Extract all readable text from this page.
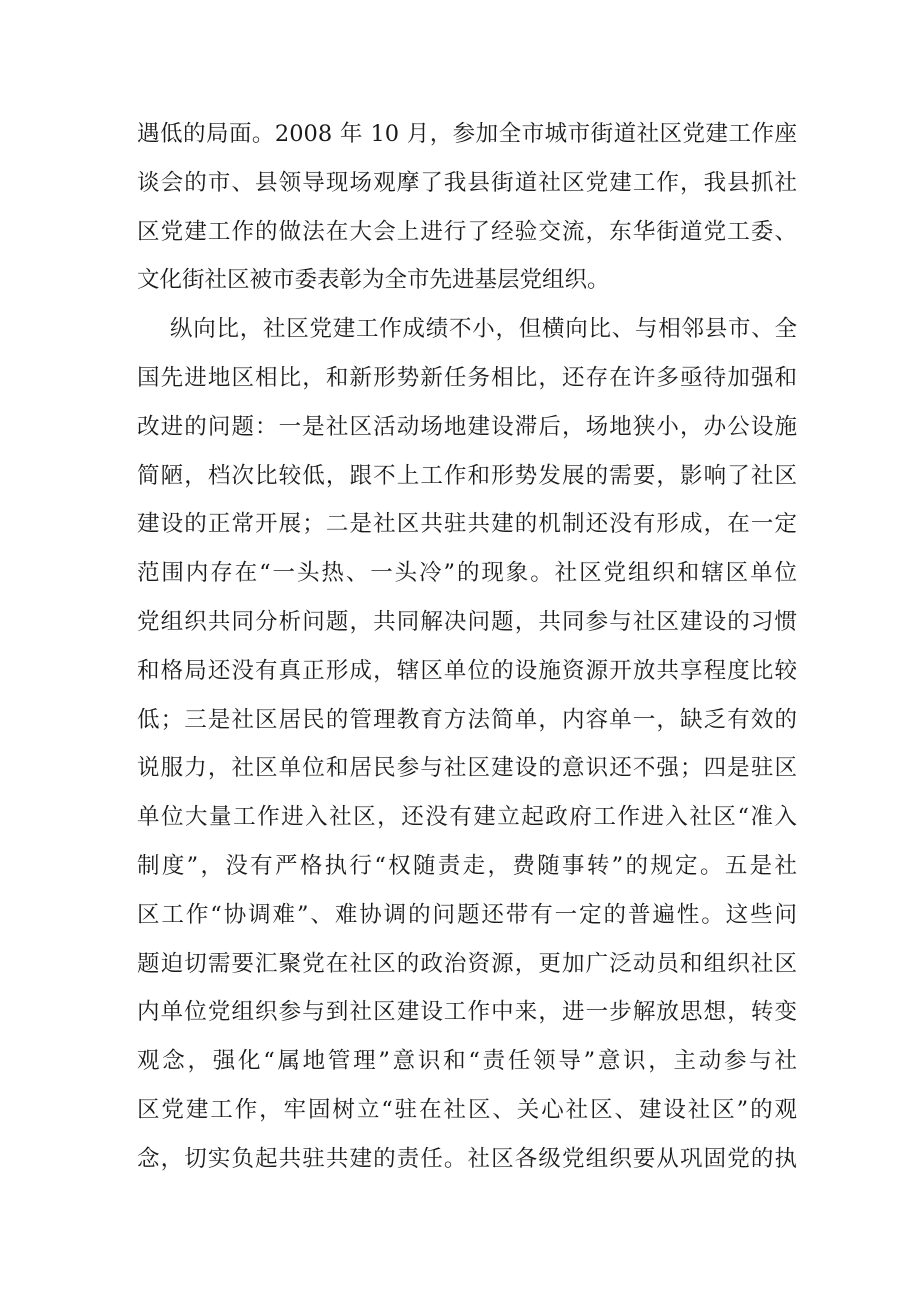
遇低的局面。2008 年 10 月，参加全市城市街道社区党建工作座
谈会的市、县领导现场观摩了我县街道社区党建工作，我县抓社
区党建工作的做法在大会上进行了经验交流，东华街道党工委、
文化街社区被市委表彰为全市先进基层党组织。
纵向比，社区党建工作成绩不小，但横向比、与相邻县市、全
国先进地区相比，和新形势新任务相比，还存在许多亟待加强和
改进的问题：一是社区活动场地建设滞后，场地狭小，办公设施
简陋，档次比较低，跟不上工作和形势发展的需要，影响了社区
建设的正常开展；二是社区共驻共建的机制还没有形成，在一定
范围内存在“一头热、一头冷”的现象。社区党组织和辖区单位
党组织共同分析问题，共同解决问题，共同参与社区建设的习惯
和格局还没有真正形成，辖区单位的设施资源开放共享程度比较
低；三是社区居民的管理教育方法简单，内容单一，缺乏有效的
说服力，社区单位和居民参与社区建设的意识还不强；四是驻区
单位大量工作进入社区，还没有建立起政府工作进入社区“准入
制度”，没有严格执行“权随责走，费随事转”的规定。五是社
区工作“协调难”、难协调的问题还带有一定的普遍性。这些问
题迫切需要汇聚党在社区的政治资源，更加广泛动员和组织社区
内单位党组织参与到社区建设工作中来，进一步解放思想，转变
观念，强化“属地管理”意识和“责任领导”意识，主动参与社
区党建工作，牢固树立“驻在社区、关心社区、建设社区”的观
念，切实负起共驻共建的责任。社区各级党组织要从巩固党的执
